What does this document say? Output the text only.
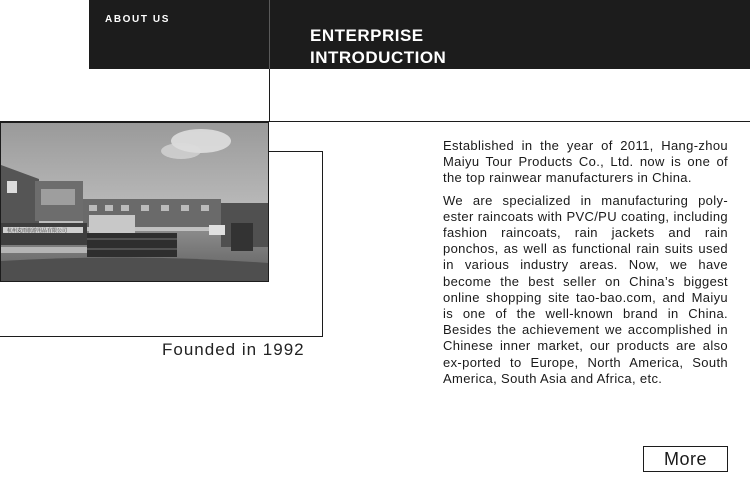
ABOUT US
ENTERPRISE
INTRODUCTION
杭州麦雨旅游用品有限公司
Founded in 1992

Established in the year of 2011, Hang-zhou Maiyu Tour Products Co., Ltd. now is one of the top rainwear manufacturers in China.

We are specialized in manufacturing poly-ester raincoats with PVC/PU coating, including fashion raincoats, rain jackets and rain ponchos, as well as functional rain suits used in various industry areas. Now, we have become the best seller on China’s biggest online shopping site tao-bao.com, and Maiyu is one of the well-known brand in China. Besides the achievement we accomplished in Chinese inner market, our products are also ex-ported to Europe, North America, South America, South Asia and Africa, etc.

More
